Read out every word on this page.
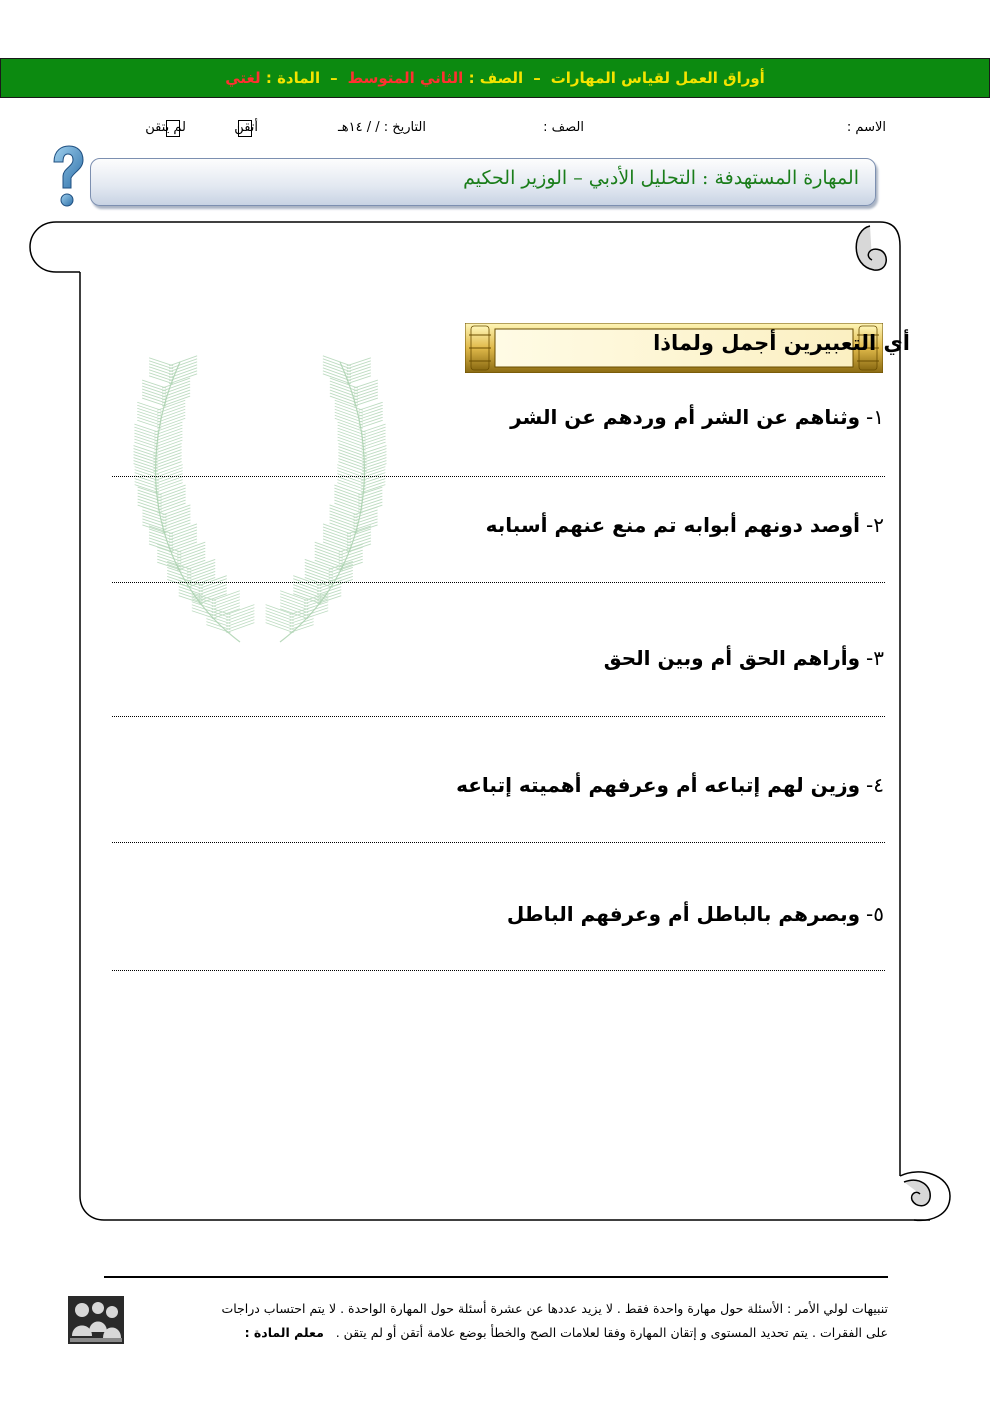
أوراق العمل لقياس المهارات
–
الصف :

الثاني المتوسط
–
المادة :

لغتي
الاسم :
الصف :
التاريخ : / / ١٤هـ
أتقن
لم يتقن
المهارة المستهدفة : التحليل الأدبي – الوزير الحكيم
أي التعبيرين أجمل ولماذا
١-وثناهم عن الشر أم وردهم عن الشر
٢-أوصد دونهم أبوابه تم منع عنهم أسبابه
٣-وأراهم الحق أم وبين الحق
٤-وزين لهم إتباعه أم وعرفهم أهميته إتباعه
٥-وبصرهم بالباطل أم وعرفهم الباطل
تنبيهات لولي الأمر : الأسئلة حول مهارة واحدة فقط . لا يزيد عددها عن عشرة أسئلة حول المهارة الواحدة . لا يتم احتساب دراجات
على الفقرات . يتم تحديد المستوى و إتقان المهارة وفقا لعلامات الصح والخطأ بوضع علامة أتقن أو لم يتقن .   معلم المادة :
